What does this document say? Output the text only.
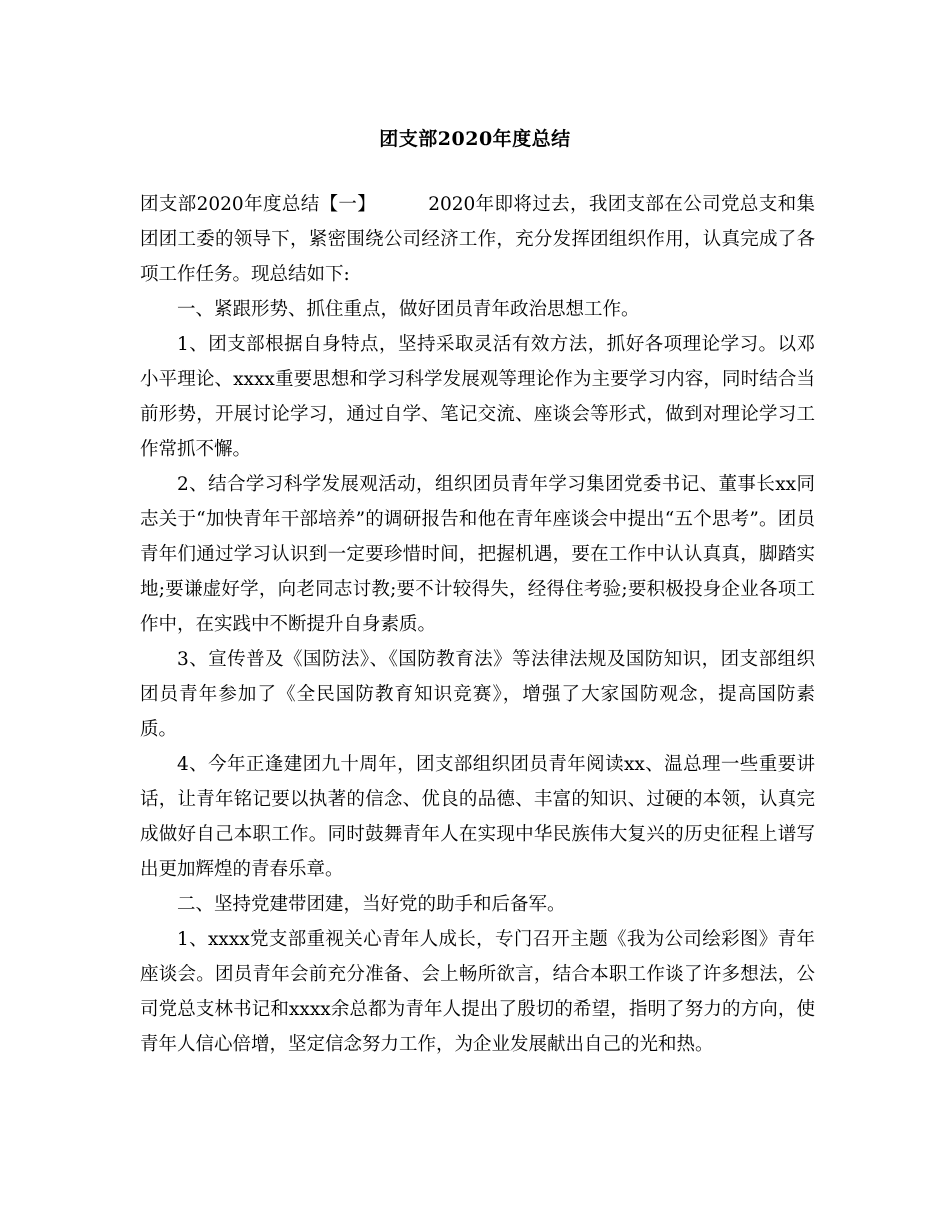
团支部2020年度总结

团支部2020年度总结【一】	2020年即将过去，我团支部在公司党总支和集团团工委的领导下，紧密围绕公司经济工作，充分发挥团组织作用，认真完成了各项工作任务。现总结如下:

一、紧跟形势、抓住重点，做好团员青年政治思想工作。

1、团支部根据自身特点，坚持采取灵活有效方法，抓好各项理论学习。以邓小平理论、xxxx重要思想和学习科学发展观等理论作为主要学习内容，同时结合当前形势，开展讨论学习，通过自学、笔记交流、座谈会等形式，做到对理论学习工作常抓不懈。

2、结合学习科学发展观活动，组织团员青年学习集团党委书记、董事长xx同志关于“加快青年干部培养”的调研报告和他在青年座谈会中提出“五个思考”。团员青年们通过学习认识到一定要珍惜时间，把握机遇，要在工作中认认真真，脚踏实地;要谦虚好学，向老同志讨教;要不计较得失，经得住考验;要积极投身企业各项工作中，在实践中不断提升自身素质。

3、宣传普及《国防法》、《国防教育法》等法律法规及国防知识，团支部组织团员青年参加了《全民国防教育知识竞赛》，增强了大家国防观念，提高国防素质。

4、今年正逢建团九十周年，团支部组织团员青年阅读xx、温总理一些重要讲话，让青年铭记要以执著的信念、优良的品德、丰富的知识、过硬的本领，认真完成做好自己本职工作。同时鼓舞青年人在实现中华民族伟大复兴的历史征程上谱写出更加辉煌的青春乐章。

二、坚持党建带团建，当好党的助手和后备军。

1、xxxx党支部重视关心青年人成长，专门召开主题《我为公司绘彩图》青年座谈会。团员青年会前充分准备、会上畅所欲言，结合本职工作谈了许多想法，公司党总支林书记和xxxx余总都为青年人提出了殷切的希望，指明了努力的方向，使青年人信心倍增，坚定信念努力工作，为企业发展献出自己的光和热。
